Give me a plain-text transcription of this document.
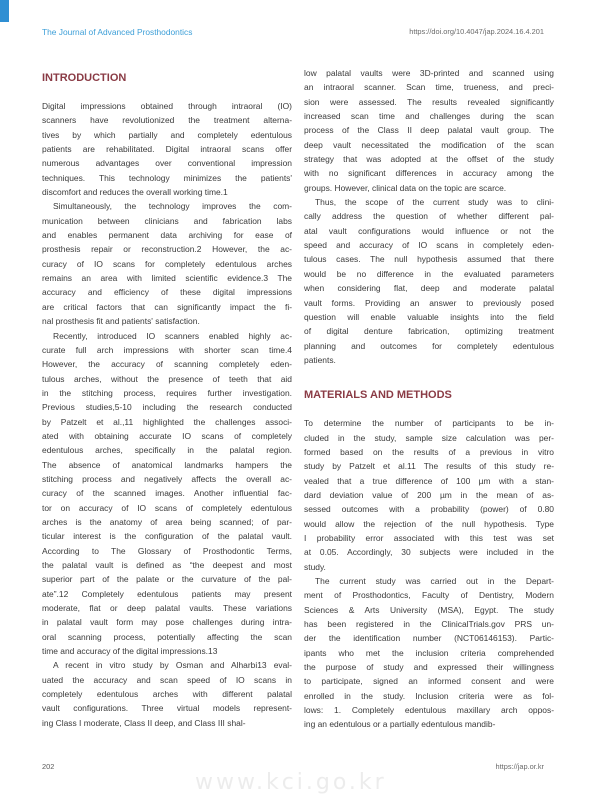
The Journal of Advanced Prosthodontics	https://doi.org/10.4047/jap.2024.16.4.201
INTRODUCTION

Digital impressions obtained through intraoral (IO)
scanners have revolutionized the treatment alterna-
tives by which partially and completely edentulous
patients are rehabilitated. Digital intraoral scans offer
numerous advantages over conventional impression
techniques. This technology minimizes the patients'
discomfort and reduces the overall working time.1

Simultaneously, the technology improves the com-
munication between clinicians and fabrication labs
and enables permanent data archiving for ease of
prosthesis repair or reconstruction.2 However, the ac-
curacy of IO scans for completely edentulous arches
remains an area with limited scientific evidence.3 The
accuracy and efficiency of these digital impressions
are critical factors that can significantly impact the fi-
nal prosthesis fit and patients' satisfaction.

Recently, introduced IO scanners enabled highly ac-
curate full arch impressions with shorter scan time.4
However, the accuracy of scanning completely eden-
tulous arches, without the presence of teeth that aid
in the stitching process, requires further investigation.
Previous studies,5-10 including the research conducted
by Patzelt et al.,11 highlighted the challenges associ-
ated with obtaining accurate IO scans of completely
edentulous arches, specifically in the palatal region.
The absence of anatomical landmarks hampers the
stitching process and negatively affects the overall ac-
curacy of the scanned images. Another influential fac-
tor on accuracy of IO scans of completely edentulous
arches is the anatomy of area being scanned; of par-
ticular interest is the configuration of the palatal vault.
According to The Glossary of Prosthodontic Terms,
the palatal vault is defined as “the deepest and most
superior part of the palate or the curvature of the pal-
ate”.12 Completely edentulous patients may present
moderate, flat or deep palatal vaults. These variations
in palatal vault form may pose challenges during intra-
oral scanning process, potentially affecting the scan
time and accuracy of the digital impressions.13

A recent in vitro study by Osman and Alharbi13 eval-
uated the accuracy and scan speed of IO scans in
completely edentulous arches with different palatal
vault configurations. Three virtual models represent-
ing Class I moderate, Class II deep, and Class III shal-

low palatal vaults were 3D-printed and scanned using
an intraoral scanner. Scan time, trueness, and preci-
sion were assessed. The results revealed significantly
increased scan time and challenges during the scan
process of the Class II deep palatal vault group. The
deep vault necessitated the modification of the scan
strategy that was adopted at the offset of the study
with no significant differences in accuracy among the
groups. However, clinical data on the topic are scarce.

Thus, the scope of the current study was to clini-
cally address the question of whether different pal-
atal vault configurations would influence or not the
speed and accuracy of IO scans in completely eden-
tulous cases. The null hypothesis assumed that there
would be no difference in the evaluated parameters
when considering flat, deep and moderate palatal
vault forms. Providing an answer to previously posed
question will enable valuable insights into the field
of digital denture fabrication, optimizing treatment
planning and outcomes for completely edentulous
patients.

MATERIALS AND METHODS

To determine the number of participants to be in-
cluded in the study, sample size calculation was per-
formed based on the results of a previous in vitro
study by Patzelt et al.11 The results of this study re-
vealed that a true difference of 100 µm with a stan-
dard deviation value of 200 µm in the mean of as-
sessed outcomes with a probability (power) of 0.80
would allow the rejection of the null hypothesis. Type
I probability error associated with this test was set
at 0.05. Accordingly, 30 subjects were included in the
study.

The current study was carried out in the Depart-
ment of Prosthodontics, Faculty of Dentistry, Modern
Sciences & Arts University (MSA), Egypt. The study
has been registered in the ClinicalTrials.gov PRS un-
der the identification number (NCT06146153). Partic-
ipants who met the inclusion criteria comprehended
the purpose of study and expressed their willingness
to participate, signed an informed consent and were
enrolled in the study. Inclusion criteria were as fol-
lows: 1. Completely edentulous maxillary arch oppos-
ing an edentulous or a partially edentulous mandib-

www.kci.go.kr
202	https://jap.or.kr
